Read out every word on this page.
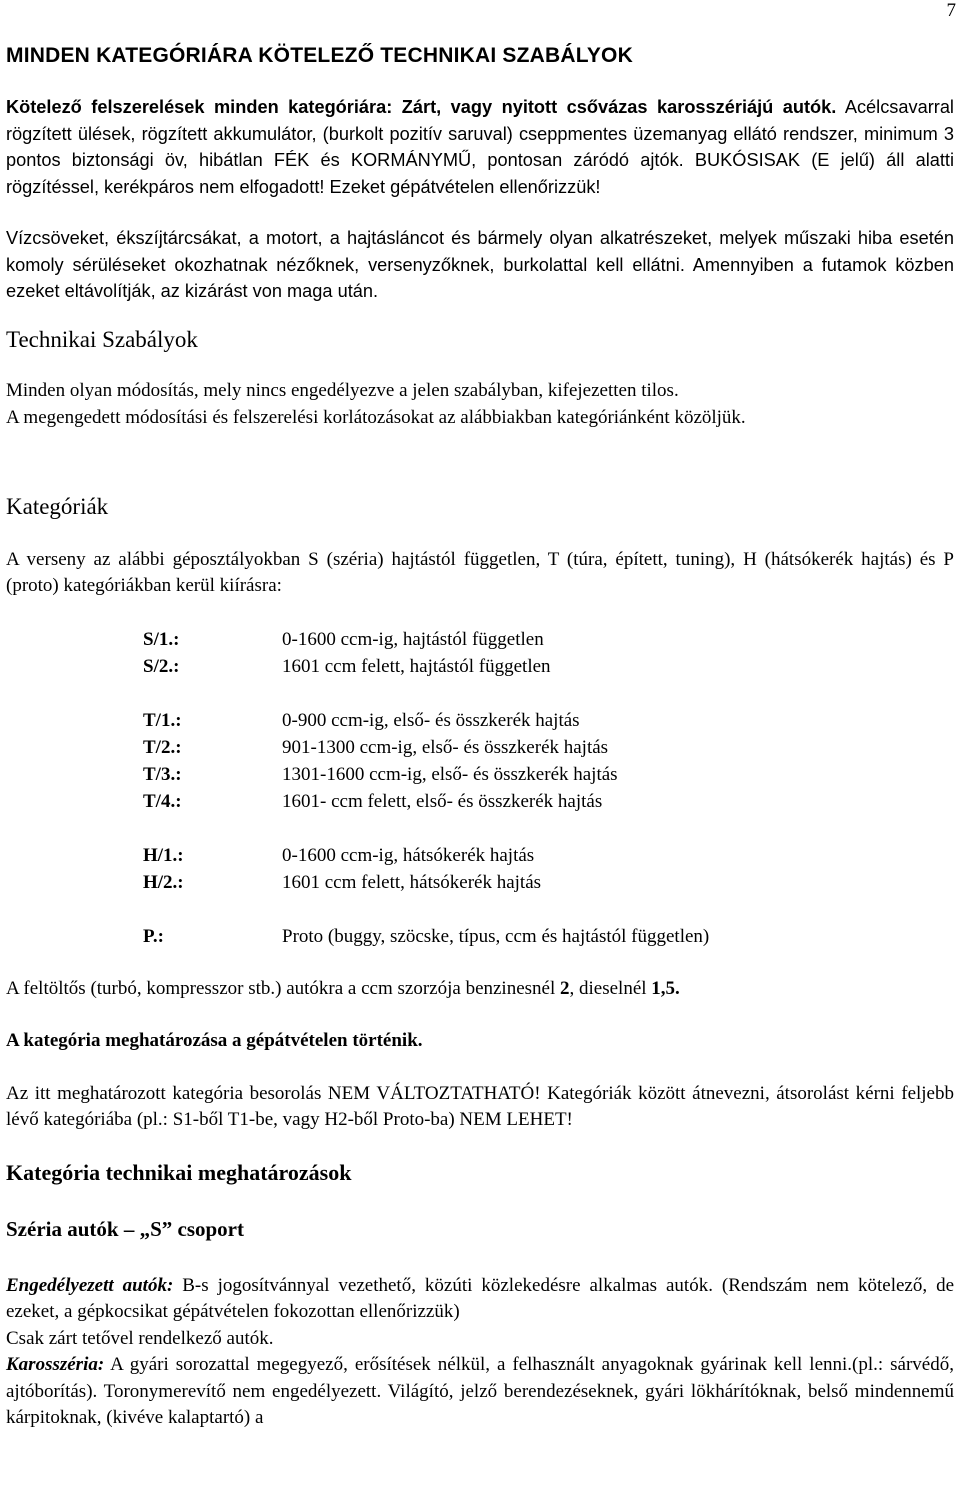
7
MINDEN KATEGÓRIÁRA KÖTELEZŐ TECHNIKAI SZABÁLYOK
Kötelező felszerelések minden kategóriára: Zárt, vagy nyitott csővázas karosszériájú autók. Acélcsavarral rögzített ülések, rögzített akkumulátor, (burkolt pozitív saruval) cseppmentes üzemanyag ellátó rendszer, minimum 3 pontos biztonsági öv, hibátlan FÉK és KORMÁNYMŰ, pontosan záródó ajtók. BUKÓSISAK (E jelű) áll alatti rögzítéssel, kerékpáros nem elfogadott! Ezeket gépátvételen ellenőrizzük!
Vízcsöveket, ékszíjtárcsákat, a motort, a hajtásláncot és bármely olyan alkatrészeket, melyek műszaki hiba esetén komoly sérüléseket okozhatnak nézőknek, versenyzőknek, burkolattal kell ellátni. Amennyiben a futamok közben ezeket eltávolítják, az kizárást von maga után.
Technikai Szabályok

Minden olyan módosítás, mely nincs engedélyezve a jelen szabályban, kifejezetten tilos.

A megengedett módosítási és felszerelési korlátozásokat az alábbiakban kategóriánként közöljük.

Kategóriák

A verseny az alábbi géposztályokban S (széria) hajtástól független, T (túra, épített, tuning), H (hátsókerék hajtás) és P (proto) kategóriákban kerül kiírásra:

S/1.:	0-1600 ccm-ig, hajtástól független
S/2.:	1601 ccm felett, hajtástól független
T/1.:	0-900 ccm-ig, első- és összkerék hajtás
T/2.:	901-1300 ccm-ig, első- és összkerék hajtás
T/3.:	1301-1600 ccm-ig, első- és összkerék hajtás
T/4.:	1601- ccm felett, első- és összkerék hajtás
H/1.:	0-1600 ccm-ig, hátsókerék hajtás
H/2.:	1601 ccm felett, hátsókerék hajtás
P.:	Proto (buggy, szöcske, típus, ccm és hajtástól független)

A feltöltős (turbó, kompresszor stb.) autókra a ccm szorzója benzinesnél 2, dieselnél 1,5.

A kategória meghatározása a gépátvételen történik.

Az itt meghatározott kategória besorolás NEM VÁLTOZTATHATÓ! Kategóriák között átnevezni, átsorolást kérni feljebb lévő kategóriába (pl.: S1-ből T1-be, vagy H2-ből Proto-ba) NEM LEHET!

Kategória technikai meghatározások
Széria autók – „S” csoport

Engedélyezett autók: B-s jogosítvánnyal vezethető, közúti közlekedésre alkalmas autók. (Rendszám nem kötelező, de ezeket, a gépkocsikat gépátvételen fokozottan ellenőrizzük)

Csak zárt tetővel rendelkező autók.

Karosszéria: A gyári sorozattal megegyező, erősítések nélkül, a felhasznált anyagoknak gyárinak kell lenni.(pl.: sárvédő, ajtóborítás). Toronymerevítő nem engedélyezett. Világító, jelző berendezéseknek, gyári lökhárítóknak, belső mindennemű kárpitoknak, (kivéve kalaptartó) a
